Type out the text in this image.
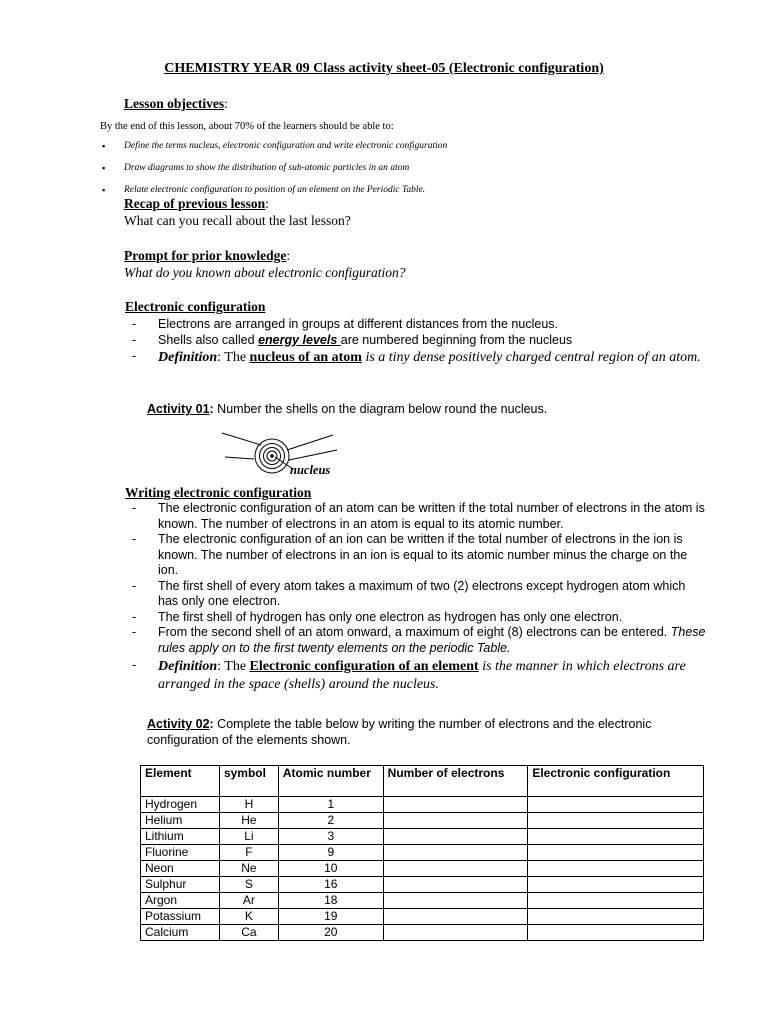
CHEMISTRY YEAR 09 Class activity sheet-05 (Electronic configuration)
Lesson objectives:
By the end of this lesson, about 70% of the learners should be able to:
▪ Define the terms nucleus, electronic configuration and write electronic configuration
▪ Draw diagrams to show the distribution of sub-atomic particles in an atom
▪ Relate electronic configuration to position of an element on the Periodic Table.
Recap of previous lesson:
What can you recall about the last lesson?
Prompt for prior knowledge:
What do you known about electronic configuration?
Electronic configuration
- Electrons are arranged in groups at different distances from the nucleus.
- Shells also called energy levels are numbered beginning from the nucleus
- Definition: The nucleus of an atom is a tiny dense positively charged central region of an atom.
Activity 01: Number the shells on the diagram below round the nucleus.
nucleus
Writing electronic configuration
- The electronic configuration of an atom can be written if the total number of electrons in the atom is known. The number of electrons in an atom is equal to its atomic number.
- The electronic configuration of an ion can be written if the total number of electrons in the ion is known. The number of electrons in an ion is equal to its atomic number minus the charge on the ion.
- The first shell of every atom takes a maximum of two (2) electrons except hydrogen atom which has only one electron.
- The first shell of hydrogen has only one electron as hydrogen has only one electron.
- From the second shell of an atom onward, a maximum of eight (8) electrons can be entered. These rules apply on to the first twenty elements on the periodic Table.
- Definition: The Electronic configuration of an element is the manner in which electrons are arranged in the space (shells) around the nucleus.
Activity 02: Complete the table below by writing the number of electrons and the electronic configuration of the elements shown.
Element	symbol	Atomic number	Number of electrons	Electronic configuration
Hydrogen	H	1		
Helium	He	2		
Lithium	Li	3		
Fluorine	F	9		
Neon	Ne	10		
Sulphur	S	16		
Argon	Ar	18		
Potassium	K	19		
Calcium	Ca	20		
